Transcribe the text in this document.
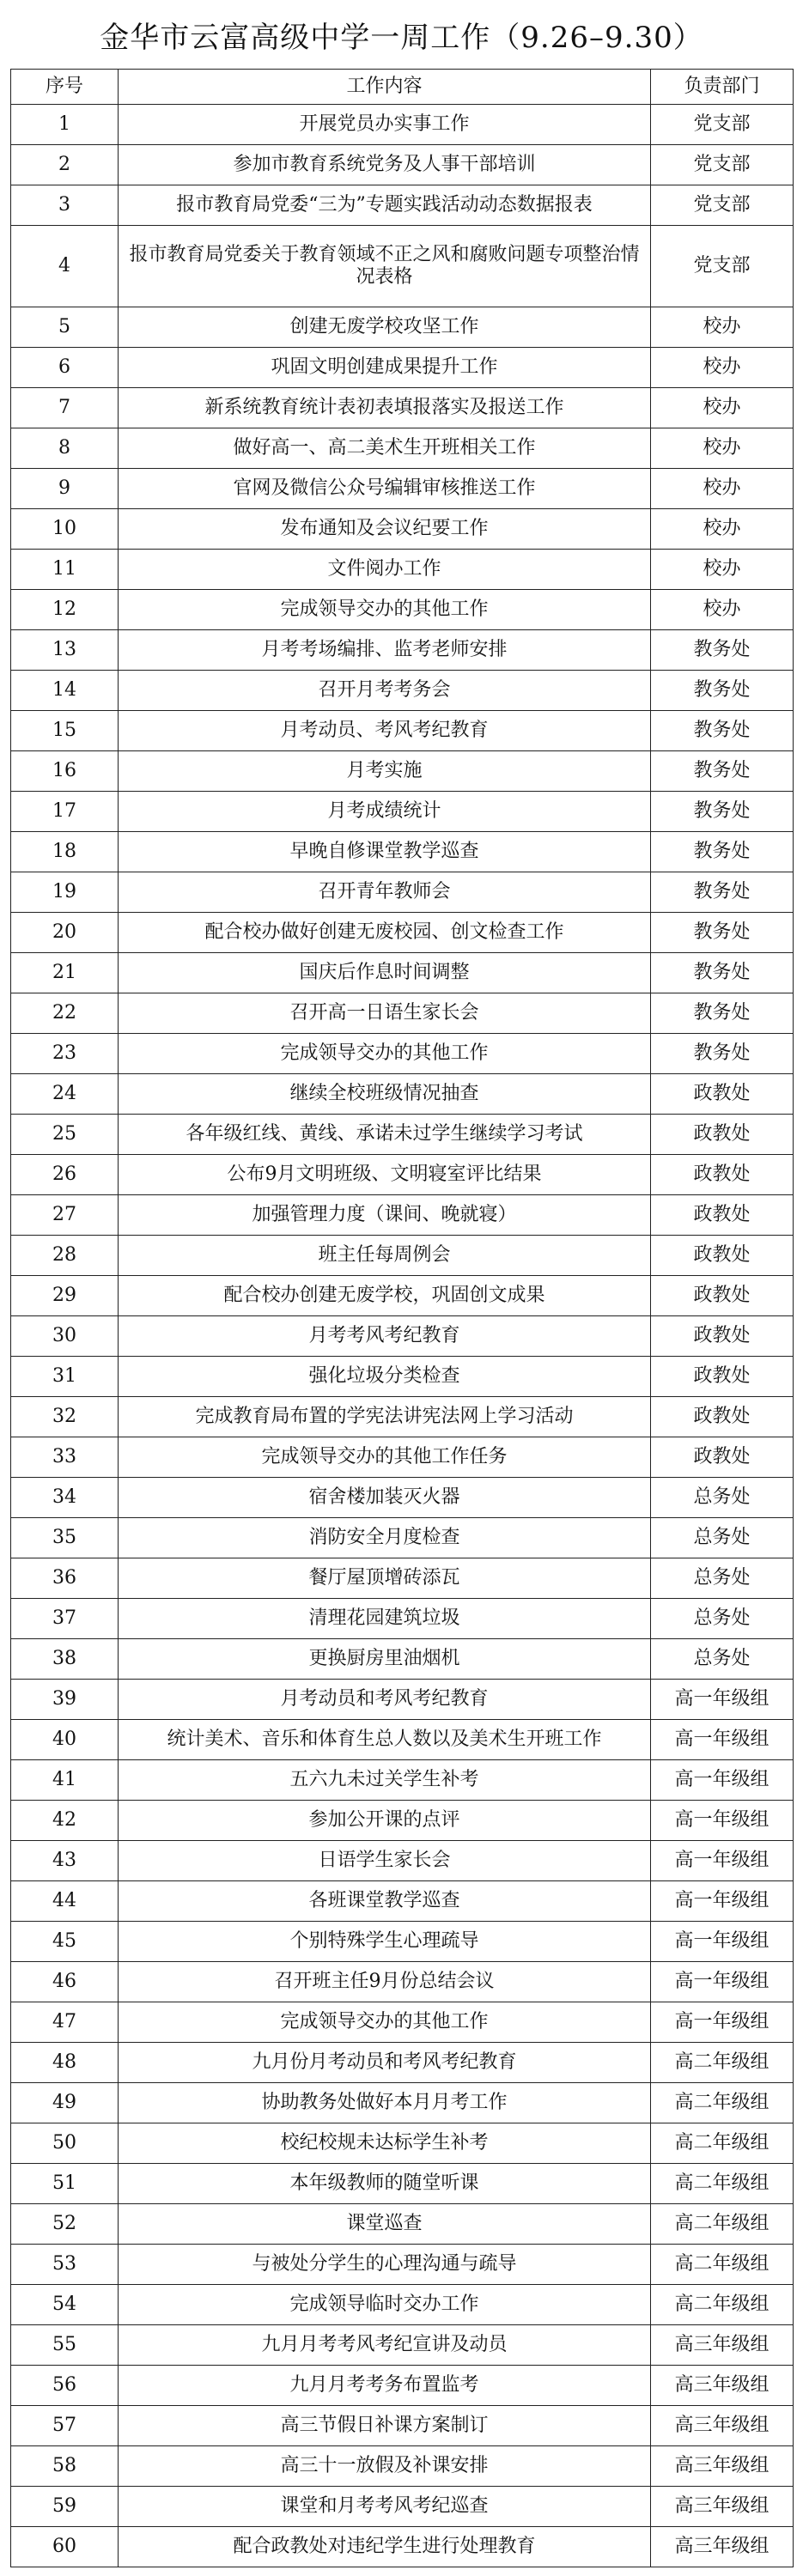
金华市云富高级中学一周工作（9.26–9.30）
序号	工作内容	负责部门
1	开展党员办实事工作	党支部
2	参加市教育系统党务及人事干部培训	党支部
3	报市教育局党委“三为”专题实践活动动态数据报表	党支部
4	报市教育局党委关于教育领域不正之风和腐败问题专项整治情况表格	党支部
5	创建无废学校攻坚工作	校办
6	巩固文明创建成果提升工作	校办
7	新系统教育统计表初表填报落实及报送工作	校办
8	做好高一、高二美术生开班相关工作	校办
9	官网及微信公众号编辑审核推送工作	校办
10	发布通知及会议纪要工作	校办
11	文件阅办工作	校办
12	完成领导交办的其他工作	校办
13	月考考场编排、监考老师安排	教务处
14	召开月考考务会	教务处
15	月考动员、考风考纪教育	教务处
16	月考实施	教务处
17	月考成绩统计	教务处
18	早晚自修课堂教学巡查	教务处
19	召开青年教师会	教务处
20	配合校办做好创建无废校园、创文检查工作	教务处
21	国庆后作息时间调整	教务处
22	召开高一日语生家长会	教务处
23	完成领导交办的其他工作	教务处
24	继续全校班级情况抽查	政教处
25	各年级红线、黄线、承诺未过学生继续学习考试	政教处
26	公布9月文明班级、文明寝室评比结果	政教处
27	加强管理力度（课间、晚就寝）	政教处
28	班主任每周例会	政教处
29	配合校办创建无废学校，巩固创文成果	政教处
30	月考考风考纪教育	政教处
31	强化垃圾分类检查	政教处
32	完成教育局布置的学宪法讲宪法网上学习活动	政教处
33	完成领导交办的其他工作任务	政教处
34	宿舍楼加装灭火器	总务处
35	消防安全月度检查	总务处
36	餐厅屋顶增砖添瓦	总务处
37	清理花园建筑垃圾	总务处
38	更换厨房里油烟机	总务处
39	月考动员和考风考纪教育	高一年级组
40	统计美术、音乐和体育生总人数以及美术生开班工作	高一年级组
41	五六九未过关学生补考	高一年级组
42	参加公开课的点评	高一年级组
43	日语学生家长会	高一年级组
44	各班课堂教学巡查	高一年级组
45	个别特殊学生心理疏导	高一年级组
46	召开班主任9月份总结会议	高一年级组
47	完成领导交办的其他工作	高一年级组
48	九月份月考动员和考风考纪教育	高二年级组
49	协助教务处做好本月月考工作	高二年级组
50	校纪校规未达标学生补考	高二年级组
51	本年级教师的随堂听课	高二年级组
52	课堂巡查	高二年级组
53	与被处分学生的心理沟通与疏导	高二年级组
54	完成领导临时交办工作	高二年级组
55	九月月考考风考纪宣讲及动员	高三年级组
56	九月月考考务布置监考	高三年级组
57	高三节假日补课方案制订	高三年级组
58	高三十一放假及补课安排	高三年级组
59	课堂和月考考风考纪巡查	高三年级组
60	配合政教处对违纪学生进行处理教育	高三年级组
